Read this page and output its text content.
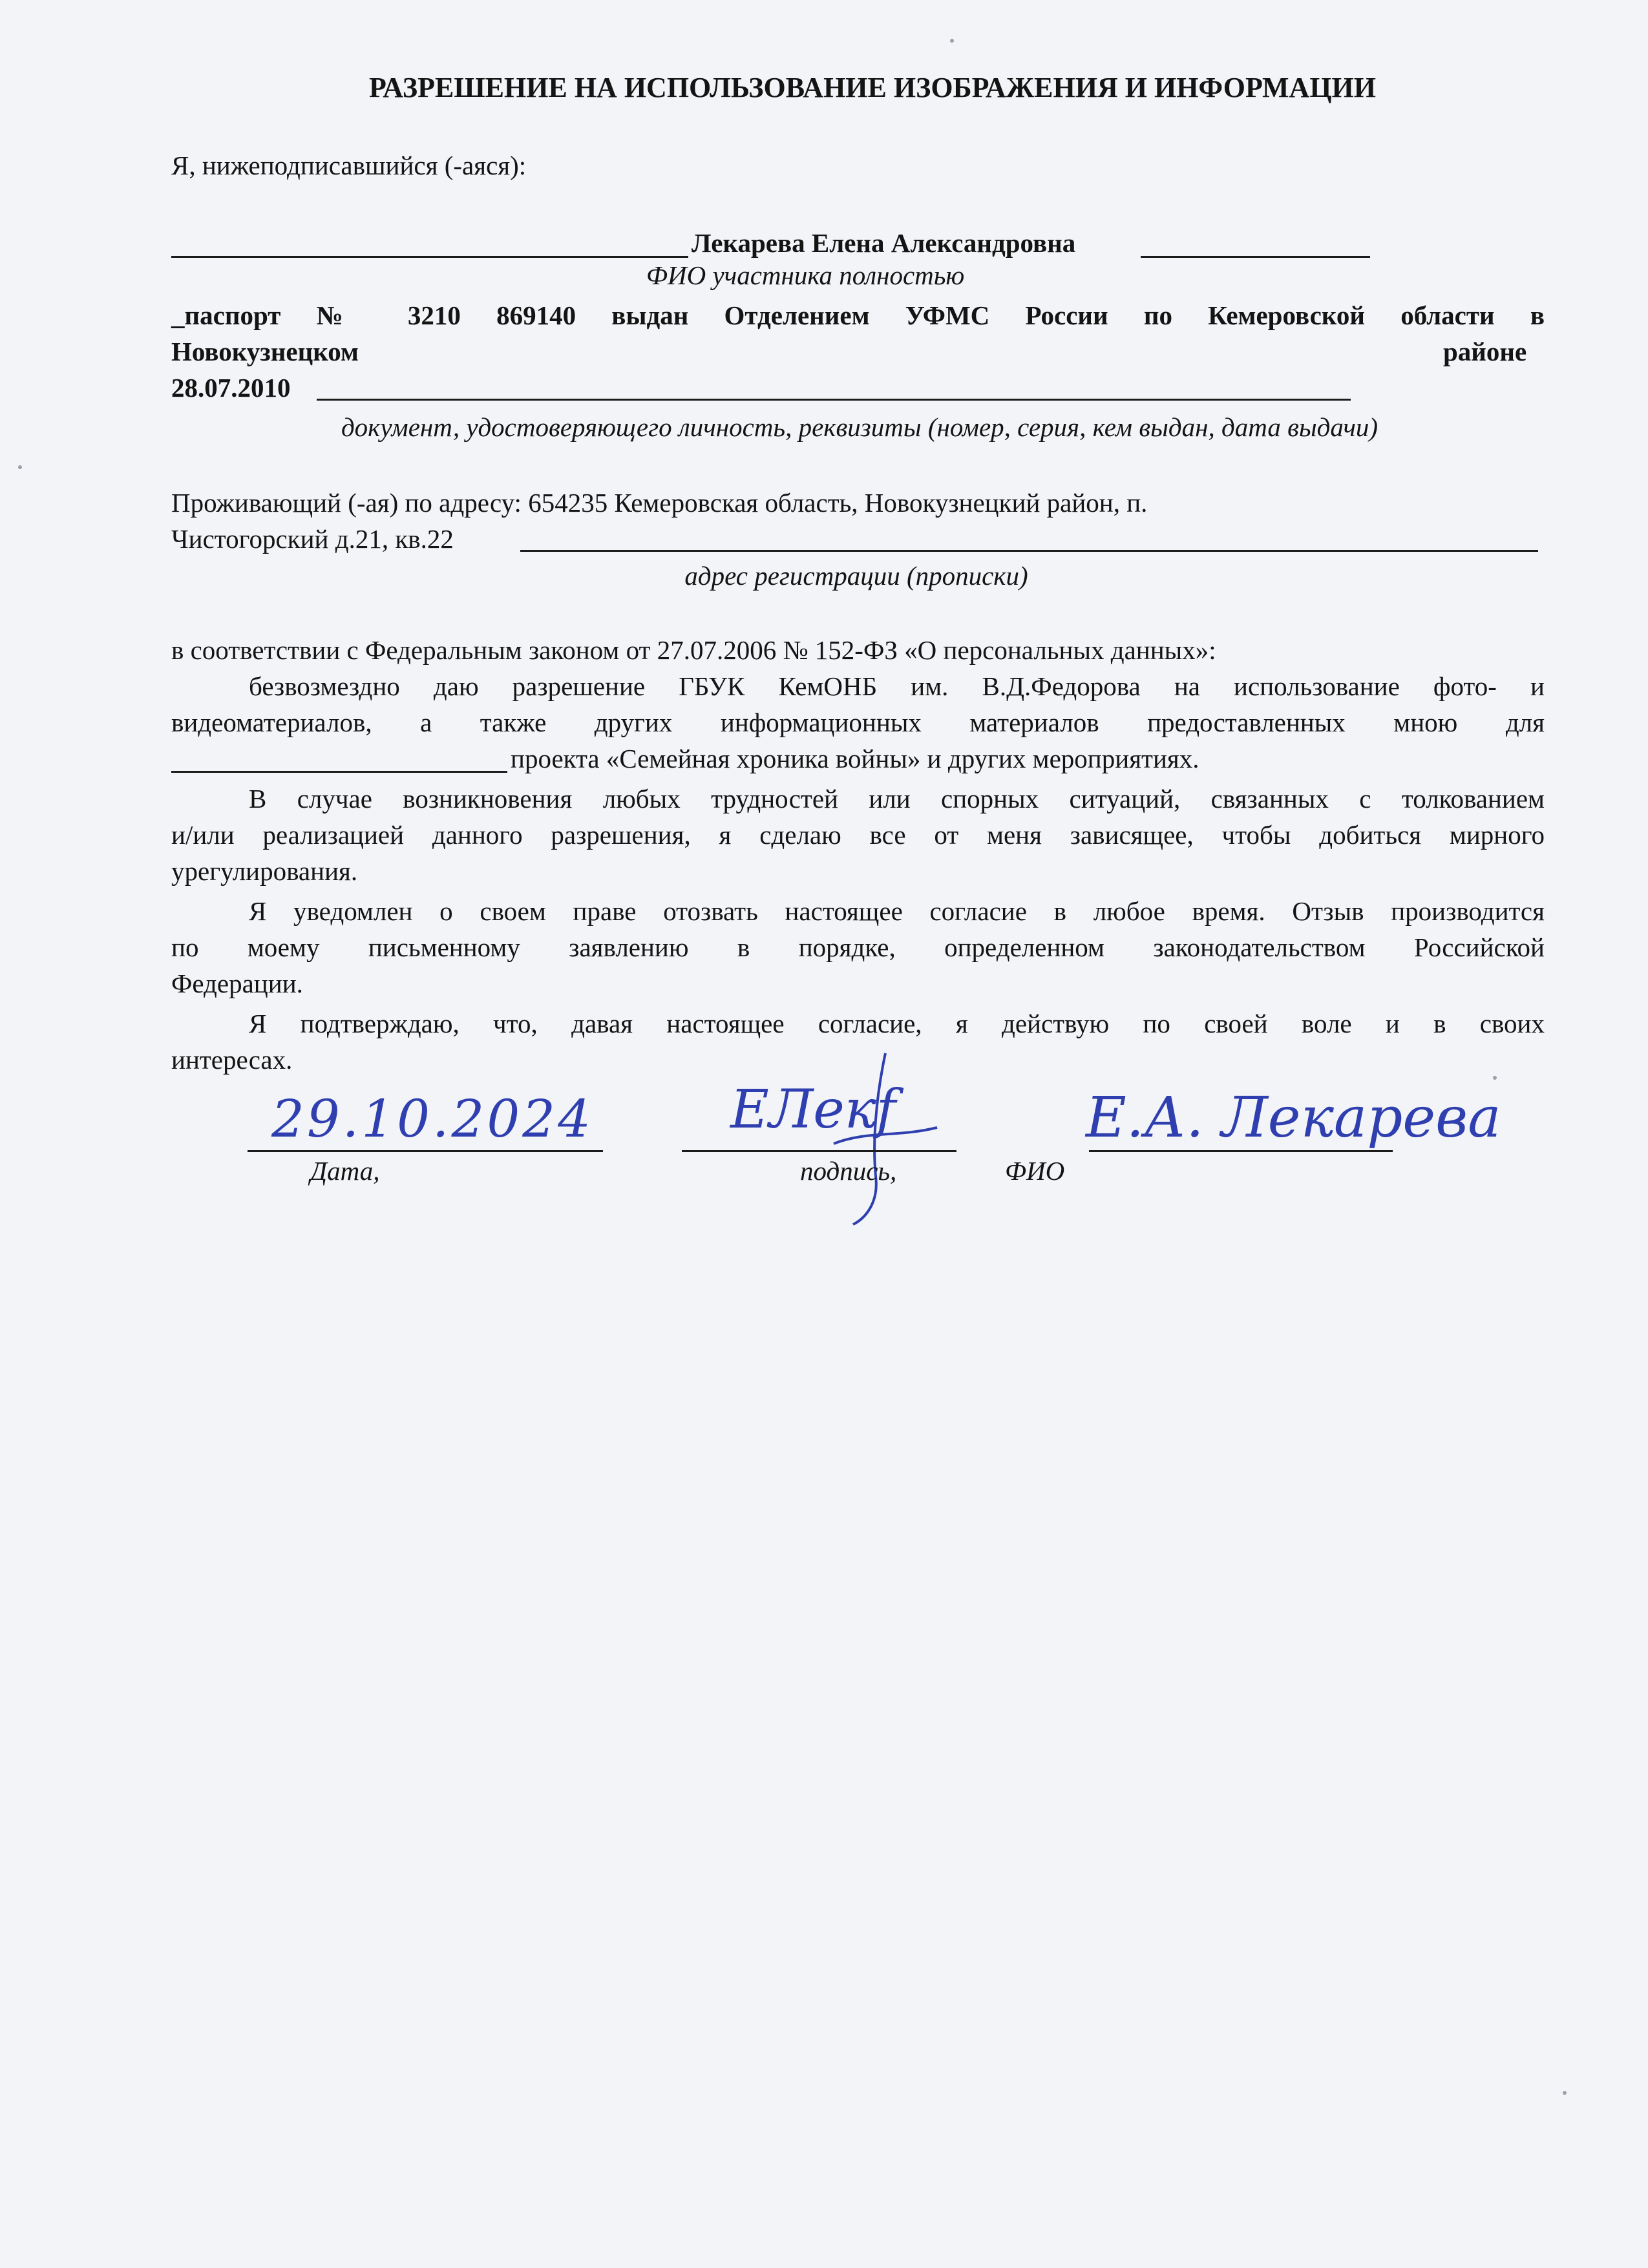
РАЗРЕШЕНИЕ НА ИСПОЛЬЗОВАНИЕ ИЗОБРАЖЕНИЯ И ИНФОРМАЦИИ
Я, нижеподписавшийся (-аяся):
Лекарева Елена Александровна
ФИО участника полностью
_паспорт № 3210 869140 выдан Отделением УФМС России по Кемеровской области в
Новокузнецком	районе
28.07.2010
документ, удостоверяющего личность, реквизиты (номер, серия, кем выдан, дата выдачи)
Проживающий (-ая) по адресу: 654235 Кемеровская область, Новокузнецкий район, п.
Чистогорский д.21, кв.22
адрес регистрации (прописки)
в соответствии с Федеральным законом от 27.07.2006 № 152-ФЗ «О персональных данных»:
безвозмездно даю разрешение ГБУК КемОНБ им. В.Д.Федорова на использование фото- и
видеоматериалов, а также других информационных материалов предоставленных мною для
проекта «Семейная хроника войны» и других мероприятиях.
В случае возникновения любых трудностей или спорных ситуаций, связанных с толкованием
и/или реализацией данного разрешения, я сделаю все от меня зависящее, чтобы добиться мирного
урегулирования.
Я уведомлен о своем праве отозвать настоящее согласие в любое время. Отзыв производится
по моему письменному заявлению в порядке, определенном законодательством Российской
Федерации.
Я подтверждаю, что, давая настоящее согласие, я действую по своей воле и в своих
интересах.
29.10.2024
Дата,
ЕЛекf
подпись,	ФИО
Е.А. Лекарева
